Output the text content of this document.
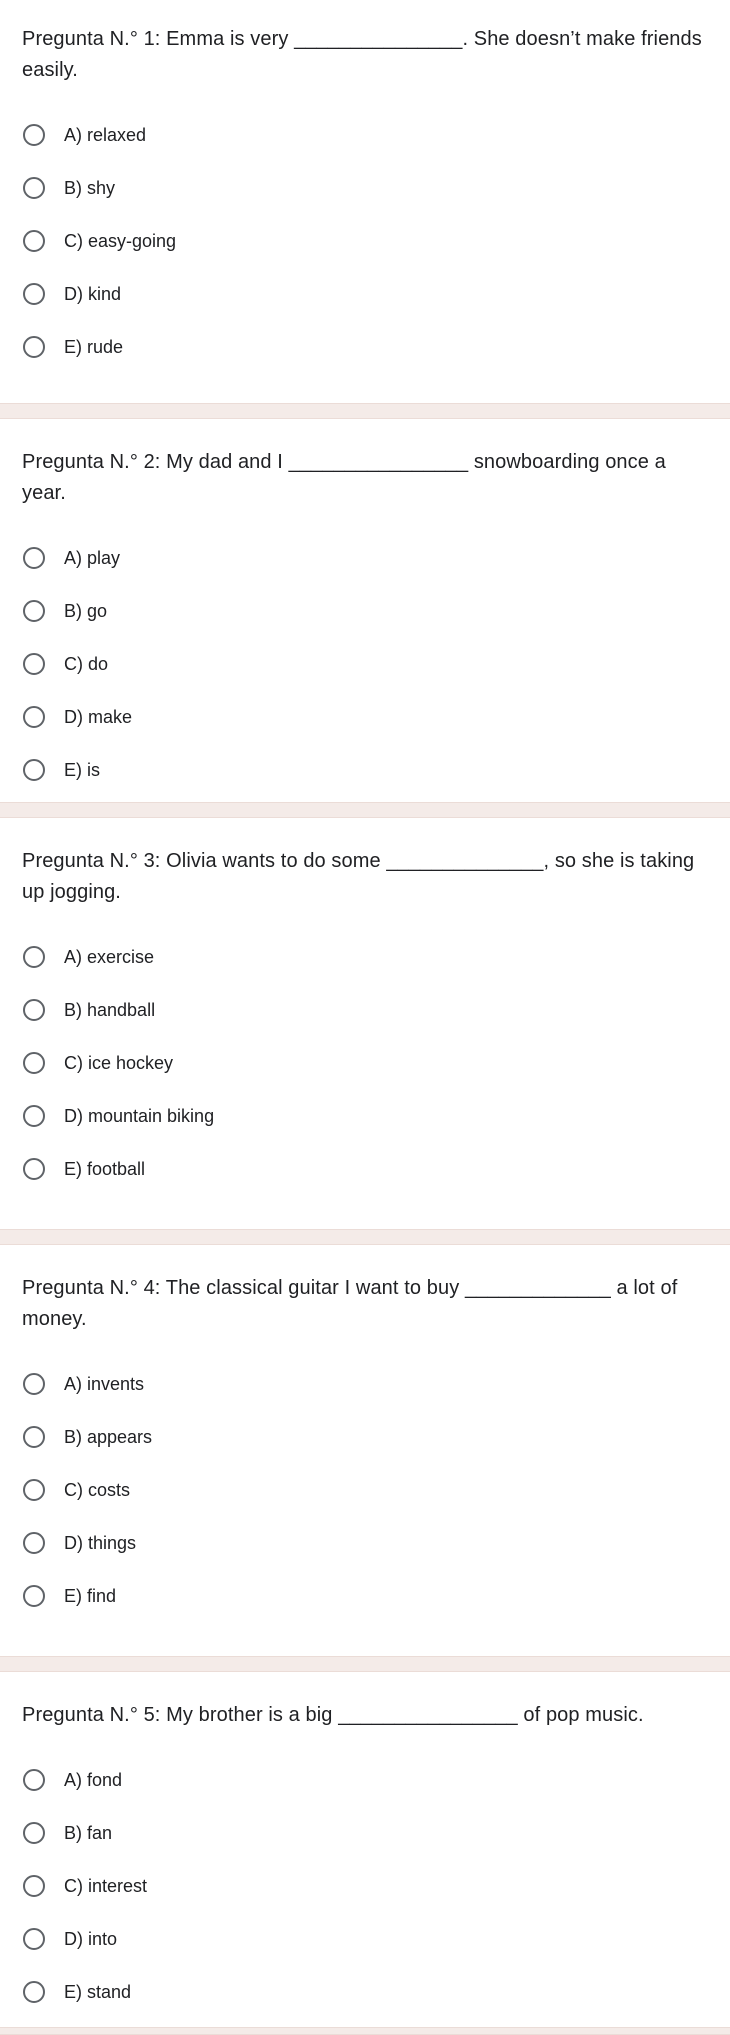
Pregunta N.° 1: Emma is very _______________. She doesn’t make friends easily.

A) relaxed
B) shy
C) easy-going
D) kind
E) rude

Pregunta N.° 2: My dad and I ________________ snowboarding once a year.

A) play
B) go
C) do
D) make
E) is

Pregunta N.° 3: Olivia wants to do some ______________, so she is taking up jogging.

A) exercise
B) handball
C) ice hockey
D) mountain biking
E) football

Pregunta N.° 4: The classical guitar I want to buy _____________ a lot of money.

A) invents
B) appears
C) costs
D) things
E) find

Pregunta N.° 5: My brother is a big ________________ of pop music.

A) fond
B) fan
C) interest
D) into
E) stand
